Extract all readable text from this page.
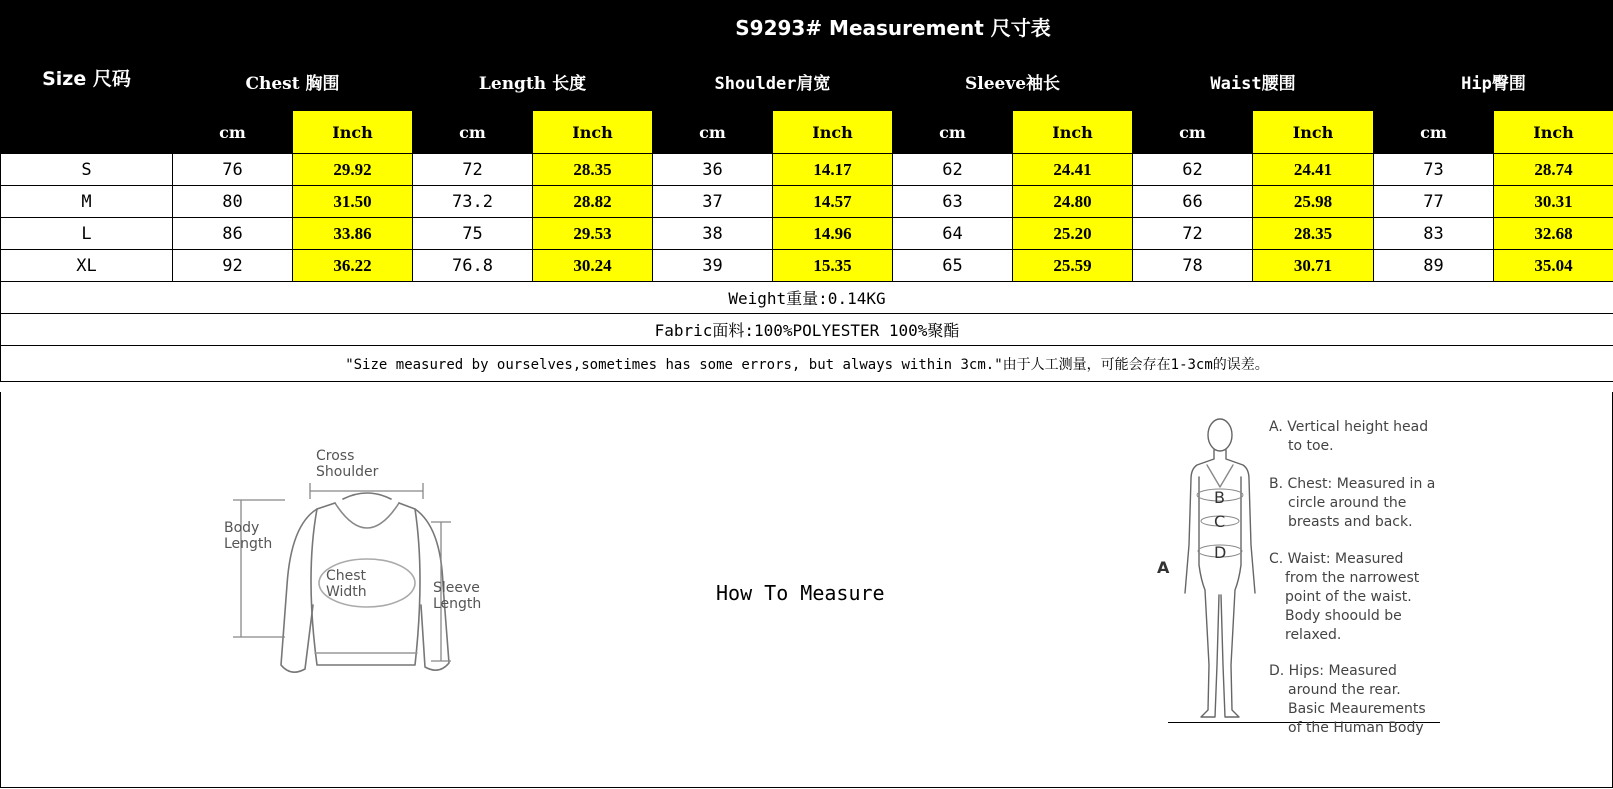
Size 尺码	S9293# Measurement 尺寸表											
	Chest 胸围		Length 长度		Shoulder肩宽		Sleeve袖长		Waist腰围		Hip臀围	
	cm	Inch	cm	Inch	cm	Inch	cm	Inch	cm	Inch	cm	Inch
S	76	29.92	72	28.35	36	14.17	62	24.41	62	24.41	73	28.74
M	80	31.50	73.2	28.82	37	14.57	63	24.80	66	25.98	77	30.31
L	86	33.86	75	29.53	38	14.96	64	25.20	72	28.35	83	32.68
XL	92	36.22	76.8	30.24	39	15.35	65	25.59	78	30.71	89	35.04
Weight重量:0.14KG												
Fabric面料:100%POLYESTER 100%聚酯												
"Size measured by ourselves,sometimes has some errors, but always within 3cm."由于人工测量，可能会存在1-3cm的误差。												
Cross
Shoulder
Body
Length
Chest
Width	Sleeve
Length	How To Measure
A
B
C
D
A. Vertical height head
to toe.
B. Chest: Measured in a
circle around the
breasts and back.
C. Waist: Measured
from the narrowest
point of the waist.
Body shoould be
relaxed.
D. Hips: Measured
around the rear.
Basic Meaurements
of the Human Body
